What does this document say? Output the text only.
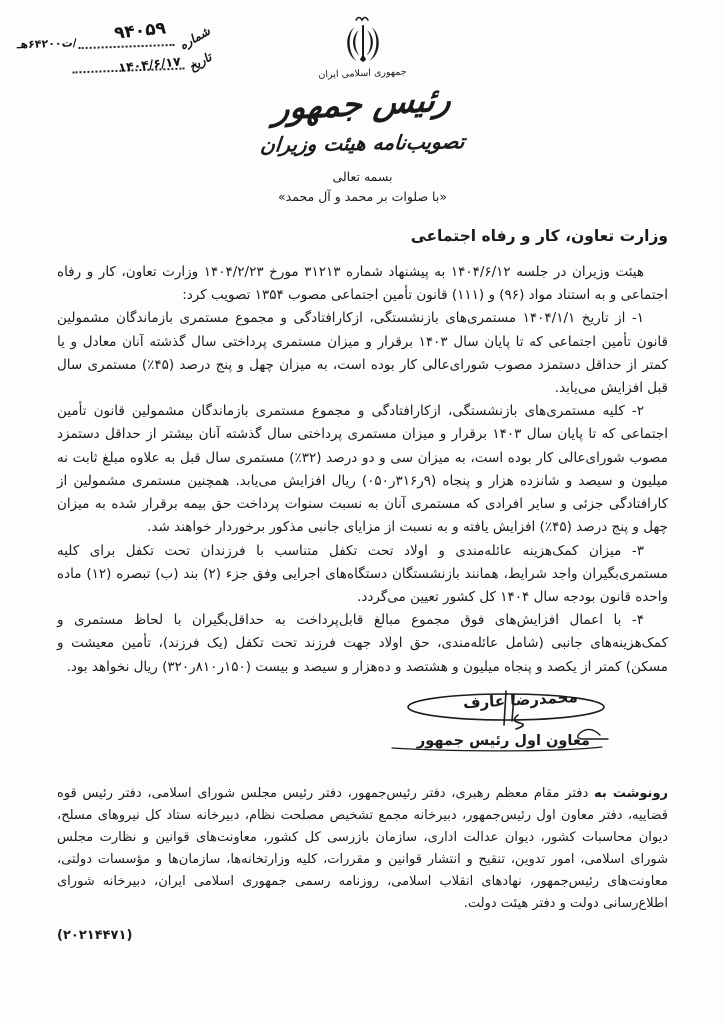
شماره
۹۴۰۵۹
/ت۶۴۲۰۰هـ
تاریخ
۱۴۰۴/۶/۱۷	جمهوری اسلامی ایران
رئیس جمهور
تصویب‌نامه هیئت وزیران
بسمه تعالی
«با صلوات بر محمد و آل محمد»
وزارت تعاون، کار و رفاه اجتماعی

هیئت وزیران در جلسه ۱۴۰۴/۶/۱۲ به پیشنهاد شماره ۳۱۲۱۳ مورخ ۱۴۰۴/۲/۲۳ وزارت تعاون، کار و رفاه اجتماعی و به استناد مواد (۹۶) و (۱۱۱) قانون تأمین اجتماعی مصوب ۱۳۵۴ تصویب کرد:

۱- از تاریخ ۱۴۰۴/۱/۱ مستمری‌های بازنشستگی، ازکارافتادگی و مجموع مستمری بازماندگان مشمولین قانون تأمین اجتماعی که تا پایان سال ۱۴۰۳ برقرار و میزان مستمری پرداختی سال گذشته آنان معادل و یا کمتر از حداقل دستمزد مصوب شورای‌عالی کار بوده است، به میزان چهل و پنج درصد (۴۵٪) مستمری سال قبل افزایش می‌یابد.

۲- کلیه مستمری‌های بازنشستگی، ازکارافتادگی و مجموع مستمری بازماندگان مشمولین قانون تأمین اجتماعی که تا پایان سال ۱۴۰۳ برقرار و میزان مستمری پرداختی سال گذشته آنان بیشتر از حداقل دستمزد مصوب شورای‌عالی کار بوده است، به میزان سی و دو درصد (۳۲٪) مستمری سال قبل به علاوه مبلغ ثابت نه میلیون و سیصد و شانزده هزار و پنجاه (۹ر۳۱۶ر۰۵۰) ریال افزایش می‌یابد. همچنین مستمری مشمولین از کارافتادگی جزئی و سایر افرادی که مستمری آنان به نسبت سنوات پرداخت حق بیمه برقرار شده به میزان چهل و پنج درصد (۴۵٪) افزایش یافته و به نسبت از مزایای جانبی مذکور برخوردار خواهند شد.

۳- میزان کمک‌هزینه عائله‌مندی و اولاد تحت تکفل متناسب با فرزندان تحت تکفل برای کلیه مستمری‌بگیران واجد شرایط، همانند بازنشستگان دستگاه‌های اجرایی وفق جزء (۲) بند (ب) تبصره (۱۲) ماده واحده قانون بودجه سال ۱۴۰۴ کل کشور تعیین می‌گردد.

۴- با اعمال افزایش‌های فوق مجموع مبالغ قابل‌پرداخت به حداقل‌بگیران با لحاظ مستمری و کمک‌هزینه‌های جانبی (شامل عائله‌مندی، حق اولاد جهت فرزند تحت تکفل (یک فرزند)، تأمین معیشت و مسکن) کمتر از یکصد و پنجاه میلیون و هشتصد و ده‌هزار و سیصد و بیست (۱۵۰ر۸۱۰ر۳۲۰) ریال نخواهد بود.

محمدرضا عارف
معاون اول رئیس جمهور

رونوشت به دفتر مقام معظم رهبری، دفتر رئیس‌جمهور، دفتر رئیس مجلس شورای اسلامی، دفتر رئیس قوه قضاییه، دفتر معاون اول رئیس‌جمهور، دبیرخانه مجمع تشخیص مصلحت نظام، دبیرخانه ستاد کل نیروهای مسلح، دیوان محاسبات کشور، دیوان عدالت اداری، سازمان بازرسی کل کشور، معاونت‌های قوانین و نظارت مجلس شورای اسلامی، امور تدوین، تنقیح و انتشار قوانین و مقررات، کلیه وزارتخانه‌ها، سازمان‌ها و مؤسسات دولتی، معاونت‌های رئیس‌جمهور، نهادهای انقلاب اسلامی، روزنامه رسمی جمهوری اسلامی ایران، دبیرخانه شورای اطلاع‌رسانی دولت و دفتر هیئت دولت.

(۲۰۲۱۴۴۷۱)
